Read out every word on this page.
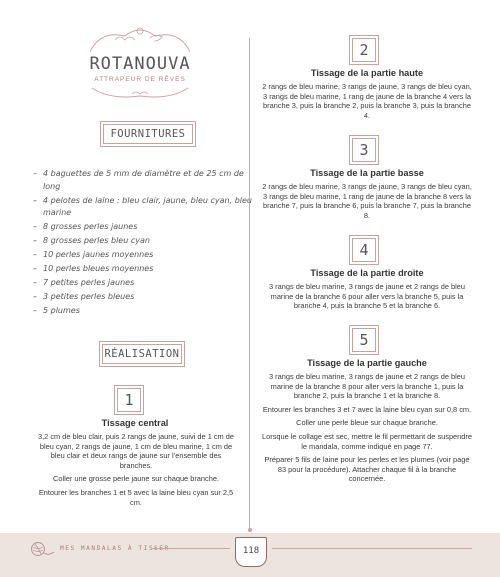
ROTANOUVA
ATTRAPEUR DE RÊVES
FOURNITURES
– 4 baguettes de 5 mm de diamètre et de 25 cm de long
– 4 pelotes de laine : bleu clair, jaune, bleu cyan, bleu marine
– 8 grosses perles jaunes
– 8 grosses perles bleu cyan
– 10 perles jaunes moyennes
– 10 perles bleues moyennes
– 7 petites perles jaunes
– 3 petites perles bleues
– 5 plumes
RÉALISATION
1
Tissage central

3,2 cm de bleu clair, puis 2 rangs de jaune, suivi de 1 cm de bleu cyan, 2 rangs de jaune, 1 cm de bleu marine, 1 cm de bleu clair et deux rangs de jaune sur l’ensemble des branches.

Coller une grosse perle jaune sur chaque branche.

Entourer les branches 1 et 5 avec la laine bleu cyan sur 2,5 cm.

2
Tissage de la partie haute

2 rangs de bleu marine, 3 rangs de jaune, 3 rangs de bleu cyan, 3 rangs de bleu marine, 1 rang de jaune de la branche 4 vers la branche 3, puis la branche 2, puis la branche 3, puis la branche 4.

3
Tissage de la partie basse

2 rangs de bleu marine, 3 rangs de jaune, 3 rangs de bleu cyan, 3 rangs de bleu marine, 1 rang de jaune de la branche 8 vers la branche 7, puis la branche 6, puis la branche 7, puis la branche 8.

4
Tissage de la partie droite

3 rangs de bleu marine, 3 rangs de jaune et 2 rangs de bleu marine de la branche 6 pour aller vers la branche 5, puis la branche 4, puis la branche 5 et la branche 6.

5
Tissage de la partie gauche

3 rangs de bleu marine, 3 rangs de jaune et 2 rangs de bleu marine de la branche 8 pour aller vers la branche 1, puis la branche 2, puis la branche 1 et la branche 8.

Entourer les branches 3 et 7 avec la laine bleu cyan sur 0,8 cm.

Coller une perle bleue sur chaque branche.

Lorsque le collage est sec, mettre le fil permettant de suspendre le mandala, comme indiqué en page 77.

Préparer 5 fils de laine pour les perles et les plumes (voir page 83 pour la procédure). Attacher chaque fil à la branche concernée.

MES MANDALAS À TISSER	118
